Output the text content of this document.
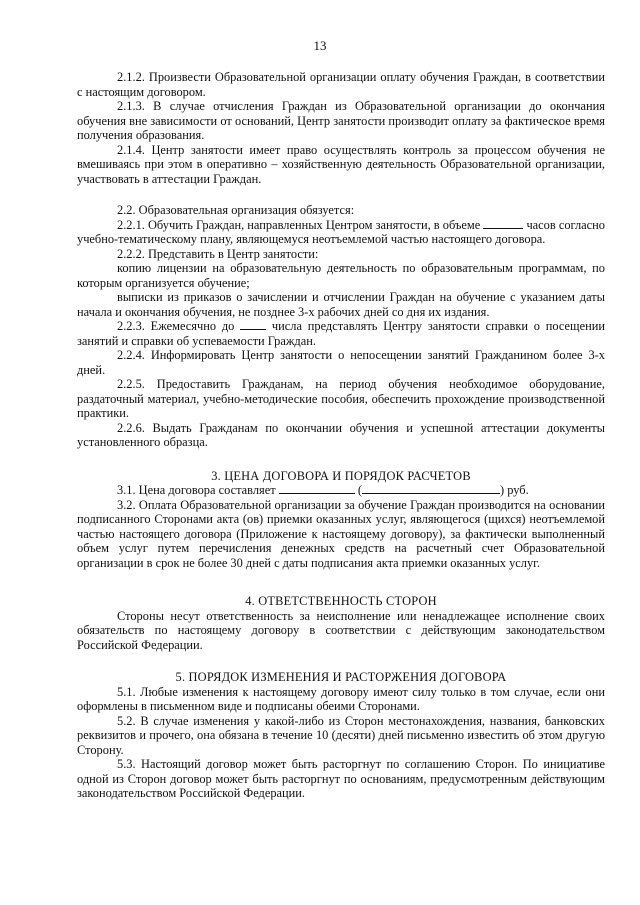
13

2.1.2. Произвести Образовательной организации оплату обучения Граждан, в соответствии с настоящим договором.

2.1.3. В случае отчисления Граждан из Образовательной организации до окончания обучения вне зависимости от оснований, Центр занятости производит оплату за фактическое время получения образования.

2.1.4. Центр занятости имеет право осуществлять контроль за процессом обучения не вмешиваясь при этом в оперативно – хозяйственную деятельность Образовательной организации, участвовать в аттестации Граждан.

2.2. Образовательная организация обязуется:

2.2.1. Обучить Граждан, направленных Центром занятости, в объеме	часов согласно учебно-тематическому плану, являющемуся неотъемлемой частью настоящего договора.

2.2.2. Представить в Центр занятости:

копию лицензии на образовательную деятельность по образовательным программам, по которым организуется обучение;

выписки из приказов о зачислении и отчислении Граждан на обучение с указанием даты начала и окончания обучения, не позднее 3-х рабочих дней со дня их издания.

2.2.3. Ежемесячно до	числа представлять Центру занятости справки о посещении занятий и справки об успеваемости Граждан.

2.2.4. Информировать Центр занятости о непосещении занятий Гражданином более 3-х дней.

2.2.5. Предоставить Гражданам, на период обучения необходимое оборудование, раздаточный материал, учебно-методические пособия, обеспечить прохождение производственной практики.

2.2.6. Выдать Гражданам по окончании обучения и успешной аттестации документы установленного образца.

3. ЦЕНА ДОГОВОРА И ПОРЯДОК РАСЧЕТОВ

3.1. Цена договора составляет	(	) руб.

3.2. Оплата Образовательной организации за обучение Граждан производится на основании подписанного Сторонами акта (ов) приемки оказанных услуг, являющегося (щихся) неотъемлемой частью настоящего договора (Приложение к настоящему договору), за фактически выполненный объем услуг путем перечисления денежных средств на расчетный счет Образовательной организации в срок не более 30 дней с даты подписания акта приемки оказанных услуг.

4. ОТВЕТСТВЕННОСТЬ СТОРОН

Стороны несут ответственность за неисполнение или ненадлежащее исполнение своих обязательств по настоящему договору в соответствии с действующим законодательством Российской Федерации.

5. ПОРЯДОК ИЗМЕНЕНИЯ И РАСТОРЖЕНИЯ ДОГОВОРА

5.1. Любые изменения к настоящему договору имеют силу только в том случае, если они оформлены в письменном виде и подписаны обеими Сторонами.

5.2. В случае изменения у какой-либо из Сторон местонахождения, названия, банковских реквизитов и прочего, она обязана в течение 10 (десяти) дней письменно известить об этом другую Сторону.

5.3. Настоящий договор может быть расторгнут по соглашению Сторон. По инициативе одной из Сторон договор может быть расторгнут по основаниям, предусмотренным действующим законодательством Российской Федерации.
